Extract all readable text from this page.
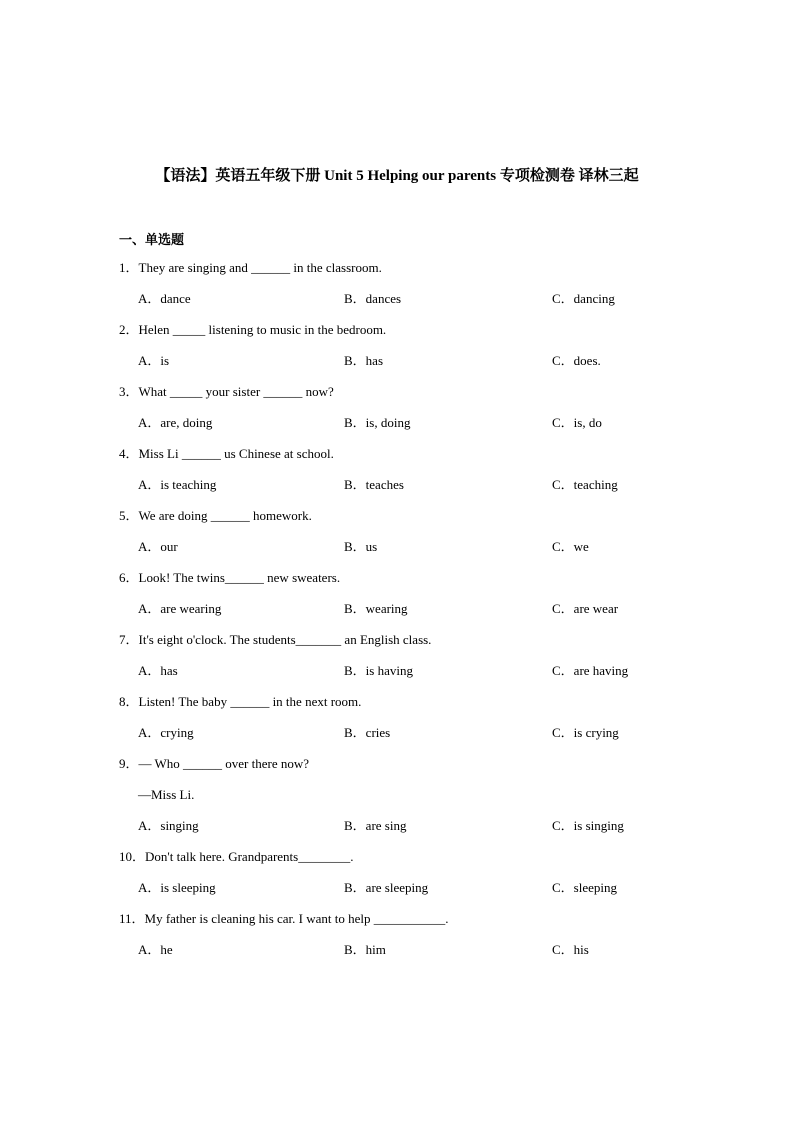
【语法】英语五年级下册 Unit 5 Helping our parents 专项检测卷 译林三起
一、单选题
1．They are singing and ______ in the classroom.
A．dance	B．dances	C．dancing
2．Helen _____ listening to music in the bedroom.
A．is	B．has	C．does.
3．What _____ your sister ______ now?
A．are, doing	B．is, doing	C．is, do
4．Miss Li ______ us Chinese at school.
A．is teaching	B．teaches	C．teaching
5．We are doing ______ homework.
A．our	B．us	C．we
6．Look! The twins______ new sweaters.
A．are wearing	B．wearing	C．are wear
7．It's eight o'clock. The students_______ an English class.
A．has	B．is having	C．are having
8．Listen! The baby ______ in the next room.
A．crying	B．cries	C．is crying
9．— Who ______ over there now?
—Miss Li.
A．singing	B．are sing	C．is singing
10．Don't talk here. Grandparents________.
A．is sleeping	B．are sleeping	C．sleeping
11．My father is cleaning his car. I want to help ___________.
A．he	B．him	C．his
